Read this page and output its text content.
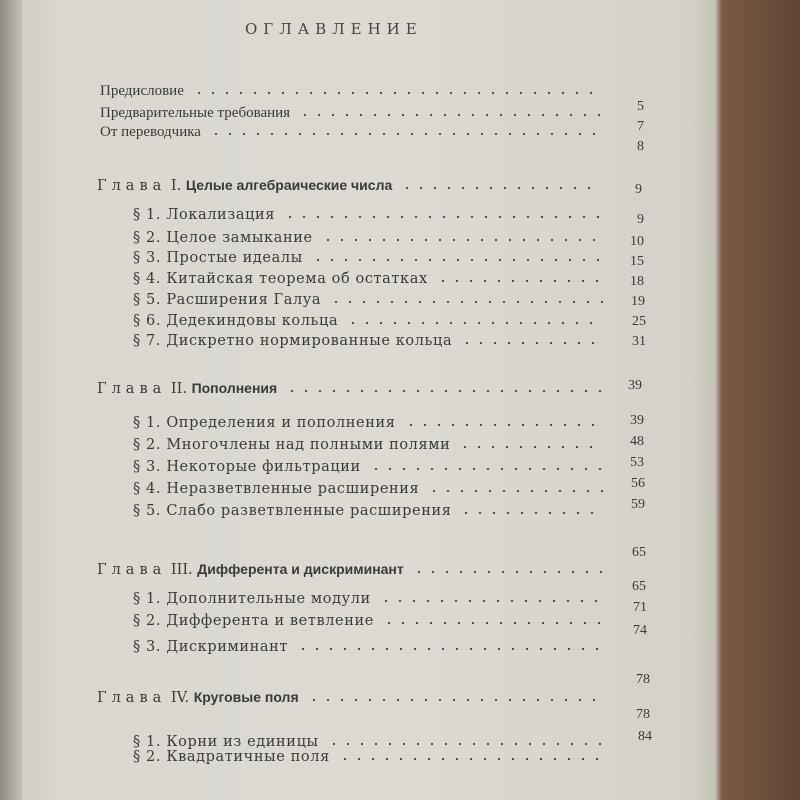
ОГЛАВЛЕНИЕ
Предисловие
Предварительные требования
От переводчика
5
7
8
Глава I. Целые алгебраические числа	9
§ 1. Локализация
§ 2. Целое замыкание
§ 3. Простые идеалы
§ 4. Китайская теорема об остатках
§ 5. Расширения Галуа
§ 6. Дедекиндовы кольца
§ 7. Дискретно нормированные кольца
9
10
15
18
19
25
31
Глава II. Пополнения	39
§ 1. Определения и пополнения
§ 2. Многочлены над полными полями
§ 3. Некоторые фильтрации
§ 4. Неразветвленные расширения
§ 5. Слабо разветвленные расширения
39
48
53
56
59
Глава III. Дифферента и дискриминант
65
§ 1. Дополнительные модули
§ 2. Дифферента и ветвление
§ 3. Дискриминант
65
71
74
Глава IV. Круговые поля
78
§ 1. Корни из единицы
§ 2. Квадратичные поля
78
84
